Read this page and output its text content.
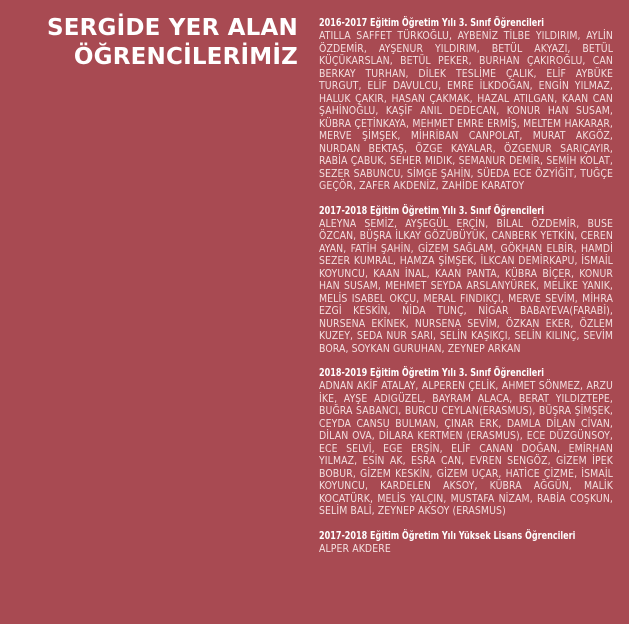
SERGİDE YER ALAN
ÖĞRENCİLERİMİZ
2016-2017 Eğitim Öğretim Yılı 3. Sınıf Öğrencileri
ATILLA SAFFET TÜRKOĞLU, AYBENİZ TİLBE YILDIRIM, AYLİN ÖZDEMİR, AYŞENUR YILDIRIM, BETÜL AKYAZI, BETÜL KÜÇÜKARSLAN, BETÜL PEKER, BURHAN ÇAKIROĞLU, CAN BERKAY TURHAN, DİLEK TESLİME ÇALIK, ELİF AYBÜKE TURGUT, ELİF DAVULCU, EMRE İLKDOĞAN, ENGİN YILMAZ, HALUK ÇAKIR, HASAN ÇAKMAK, HAZAL ATILGAN, KAAN CAN ŞAHİNOĞLU, KAŞİF ANIL DEDECAN, KONUR HAN SUSAM, KÜBRA ÇETİNKAYA, MEHMET EMRE ERMİŞ, MELTEM HAKARAR, MERVE ŞİMŞEK, MİHRİBAN CANPOLAT, MURAT AKGÖZ, NURDAN BEKTAŞ, ÖZGE KAYALAR, ÖZGENUR SARIÇAYIR, RABİA ÇABUK, SEHER MIDIK, SEMANUR DEMİR, SEMİH KOLAT, SEZER SABUNCU, SİMGE ŞAHİN, SÜEDA ECE ÖZYİĞİT, TUĞÇE GEÇÖR, ZAFER AKDENİZ, ZAHİDE KARATOY
2017-2018 Eğitim Öğretim Yılı 3. Sınıf Öğrencileri
ALEYNA SEMİZ, AYŞEGÜL ERÇİN, BİLAL ÖZDEMİR, BUSE ÖZCAN, BÜŞRA İLKAY GÖZÜBÜYÜK, CANBERK YETKİN, CEREN AYAN, FATİH ŞAHİN, GİZEM SAĞLAM, GÖKHAN ELBİR, HAMDİ SEZER KUMRAL, HAMZA ŞİMŞEK, İLKCAN DEMİRKAPU, İSMAİL KOYUNCU, KAAN İNAL, KAAN PANTA, KÜBRA BİÇER, KONUR HAN SUSAM, MEHMET SEYDA ARSLANYÜREK, MELİKE YANIK, MELİS ISABEL OKÇU, MERAL FINDIKÇI, MERVE SEVİM, MİHRA EZGİ KESKİN, NİDA TUNÇ, NİGAR BABAYEVA(FARABİ), NURSENA EKİNEK, NURSENA SEVİM, ÖZKAN EKER, ÖZLEM KUZEY, SEDA NUR SARI, SELİN KAŞIKÇI, SELİN KILINÇ, SEVİM BORA, SOYKAN GURUHAN, ZEYNEP ARKAN
2018-2019 Eğitim Öğretim Yılı 3. Sınıf Öğrencileri
ADNAN AKİF ATALAY, ALPEREN ÇELİK, AHMET SÖNMEZ, ARZU İKE, AYŞE ADIGÜZEL, BAYRAM ALACA, BERAT YILDIZTEPE, BUĞRA SABANCI, BURCU CEYLAN(ERASMUS), BÜŞRA ŞİMŞEK, CEYDA CANSU BULMAN, ÇINAR ERK, DAMLA DİLAN CİVAN, DİLAN OVA, DİLARA KERTMEN (ERASMUS), ECE DÜZGÜNSOY, ECE SELVİ, EGE ERŞİN, ELİF CANAN DOĞAN, EMİRHAN YILMAZ, ESİN AK, ESRA CAN, EVREN SENGÖZ, GİZEM İPEK BOBUR, GİZEM KESKİN, GİZEM UÇAR, HATİCE ÇİZME, İSMAİL KOYUNCU, KARDELEN AKSOY, KÜBRA AĞGÜN, MALİK KOCATÜRK, MELİS YALÇIN, MUSTAFA NİZAM, RABİA COŞKUN, SELİM BALİ, ZEYNEP AKSOY (ERASMUS)
2017-2018 Eğitim Öğretim Yılı Yüksek Lisans Öğrencileri
ALPER AKDERE
